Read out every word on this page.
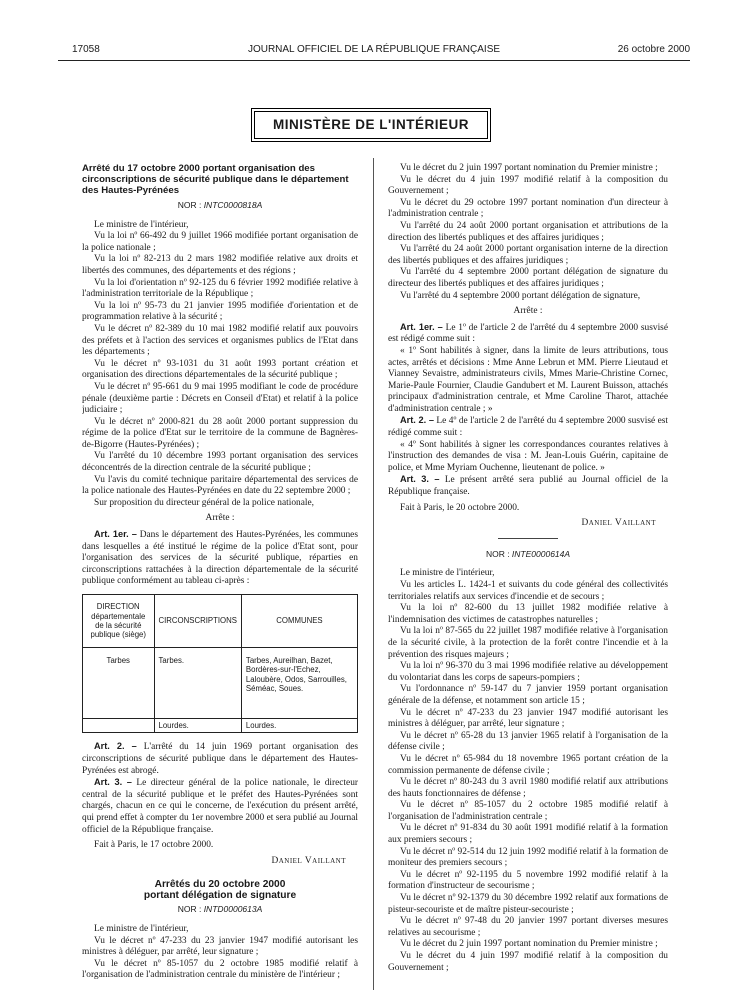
17058	JOURNAL OFFICIEL DE LA RÉPUBLIQUE FRANÇAISE	26 octobre 2000
MINISTÈRE DE L'INTÉRIEUR
Arrêté du 17 octobre 2000 portant organisation des circonscriptions de sécurité publique dans le département des Hautes-Pyrénées
NOR : INTC0000818A

Le ministre de l'intérieur,

Vu la loi nº 66-492 du 9 juillet 1966 modifiée portant organisation de la police nationale ;

Vu la loi nº 82-213 du 2 mars 1982 modifiée relative aux droits et libertés des communes, des départements et des régions ;

Vu la loi d'orientation nº 92-125 du 6 février 1992 modifiée relative à l'administration territoriale de la République ;

Vu la loi nº 95-73 du 21 janvier 1995 modifiée d'orientation et de programmation relative à la sécurité ;

Vu le décret nº 82-389 du 10 mai 1982 modifié relatif aux pouvoirs des préfets et à l'action des services et organismes publics de l'Etat dans les départements ;

Vu le décret nº 93-1031 du 31 août 1993 portant création et organisation des directions départementales de la sécurité publique ;

Vu le décret nº 95-661 du 9 mai 1995 modifiant le code de procédure pénale (deuxième partie : Décrets en Conseil d'Etat) et relatif à la police judiciaire ;

Vu le décret nº 2000-821 du 28 août 2000 portant suppression du régime de la police d'Etat sur le territoire de la commune de Bagnères-de-Bigorre (Hautes-Pyrénées) ;

Vu l'arrêté du 10 décembre 1993 portant organisation des services déconcentrés de la direction centrale de la sécurité publique ;

Vu l'avis du comité technique paritaire départemental des services de la police nationale des Hautes-Pyrénées en date du 22 septembre 2000 ;

Sur proposition du directeur général de la police nationale,

Arrête :

Art. 1er. – Dans le département des Hautes-Pyrénées, les communes dans lesquelles a été institué le régime de la police d'Etat sont, pour l'organisation des services de la sécurité publique, réparties en circonscriptions rattachées à la direction départementale de la sécurité publique conformément au tableau ci-après :

DIRECTION départementale de la sécurité publique (siège)	CIRCONSCRIPTIONS	COMMUNES
Tarbes	Tarbes.	Tarbes, Aureilhan, Bazet, Bordères-sur-l'Echez, Laloubère, Odos, Sarrouilles, Séméac, Soues.
	Lourdes.	Lourdes.

Art. 2. – L'arrêté du 14 juin 1969 portant organisation des circonscriptions de sécurité publique dans le département des Hautes-Pyrénées est abrogé.

Art. 3. – Le directeur général de la police nationale, le directeur central de la sécurité publique et le préfet des Hautes-Pyrénées sont chargés, chacun en ce qui le concerne, de l'exécution du présent arrêté, qui prend effet à compter du 1er novembre 2000 et sera publié au Journal officiel de la République française.

Fait à Paris, le 17 octobre 2000.

Daniel Vaillant

Arrêtés du 20 octobre 2000
portant délégation de signature
NOR : INTD0000613A

Le ministre de l'intérieur,

Vu le décret nº 47-233 du 23 janvier 1947 modifié autorisant les ministres à déléguer, par arrêté, leur signature ;

Vu le décret nº 85-1057 du 2 octobre 1985 modifié relatif à l'organisation de l'administration centrale du ministère de l'intérieur ;

Vu le décret du 2 juin 1997 portant nomination du Premier ministre ;

Vu le décret du 4 juin 1997 modifié relatif à la composition du Gouvernement ;

Vu le décret du 29 octobre 1997 portant nomination d'un directeur à l'administration centrale ;

Vu l'arrêté du 24 août 2000 portant organisation et attributions de la direction des libertés publiques et des affaires juridiques ;

Vu l'arrêté du 24 août 2000 portant organisation interne de la direction des libertés publiques et des affaires juridiques ;

Vu l'arrêté du 4 septembre 2000 portant délégation de signature du directeur des libertés publiques et des affaires juridiques ;

Vu l'arrêté du 4 septembre 2000 portant délégation de signature,

Arrête :

Art. 1er. – Le 1º de l'article 2 de l'arrêté du 4 septembre 2000 susvisé est rédigé comme suit :

« 1º Sont habilités à signer, dans la limite de leurs attributions, tous actes, arrêtés et décisions : Mme Anne Lebrun et MM. Pierre Lieutaud et Vianney Sevaistre, administrateurs civils, Mmes Marie-Christine Cornec, Marie-Paule Fournier, Claudie Gandubert et M. Laurent Buisson, attachés principaux d'administration centrale, et Mme Caroline Tharot, attachée d'administration centrale ; »

Art. 2. – Le 4º de l'article 2 de l'arrêté du 4 septembre 2000 susvisé est rédigé comme suit :

« 4º Sont habilités à signer les correspondances courantes relatives à l'instruction des demandes de visa : M. Jean-Louis Guérin, capitaine de police, et Mme Myriam Ouchenne, lieutenant de police. »

Art. 3. – Le présent arrêté sera publié au Journal officiel de la République française.

Fait à Paris, le 20 octobre 2000.

Daniel Vaillant

NOR : INTE0000614A

Le ministre de l'intérieur,

Vu les articles L. 1424-1 et suivants du code général des collectivités territoriales relatifs aux services d'incendie et de secours ;

Vu la loi nº 82-600 du 13 juillet 1982 modifiée relative à l'indemnisation des victimes de catastrophes naturelles ;

Vu la loi nº 87-565 du 22 juillet 1987 modifiée relative à l'organisation de la sécurité civile, à la protection de la forêt contre l'incendie et à la prévention des risques majeurs ;

Vu la loi nº 96-370 du 3 mai 1996 modifiée relative au développement du volontariat dans les corps de sapeurs-pompiers ;

Vu l'ordonnance nº 59-147 du 7 janvier 1959 portant organisation générale de la défense, et notamment son article 15 ;

Vu le décret nº 47-233 du 23 janvier 1947 modifié autorisant les ministres à déléguer, par arrêté, leur signature ;

Vu le décret nº 65-28 du 13 janvier 1965 relatif à l'organisation de la défense civile ;

Vu le décret nº 65-984 du 18 novembre 1965 portant création de la commission permanente de défense civile ;

Vu le décret nº 80-243 du 3 avril 1980 modifié relatif aux attributions des hauts fonctionnaires de défense ;

Vu le décret nº 85-1057 du 2 octobre 1985 modifié relatif à l'organisation de l'administration centrale ;

Vu le décret nº 91-834 du 30 août 1991 modifié relatif à la formation aux premiers secours ;

Vu le décret nº 92-514 du 12 juin 1992 modifié relatif à la formation de moniteur des premiers secours ;

Vu le décret nº 92-1195 du 5 novembre 1992 modifié relatif à la formation d'instructeur de secourisme ;

Vu le décret nº 92-1379 du 30 décembre 1992 relatif aux formations de pisteur-secouriste et de maître pisteur-secouriste ;

Vu le décret nº 97-48 du 20 janvier 1997 portant diverses mesures relatives au secourisme ;

Vu le décret du 2 juin 1997 portant nomination du Premier ministre ;

Vu le décret du 4 juin 1997 modifié relatif à la composition du Gouvernement ;
